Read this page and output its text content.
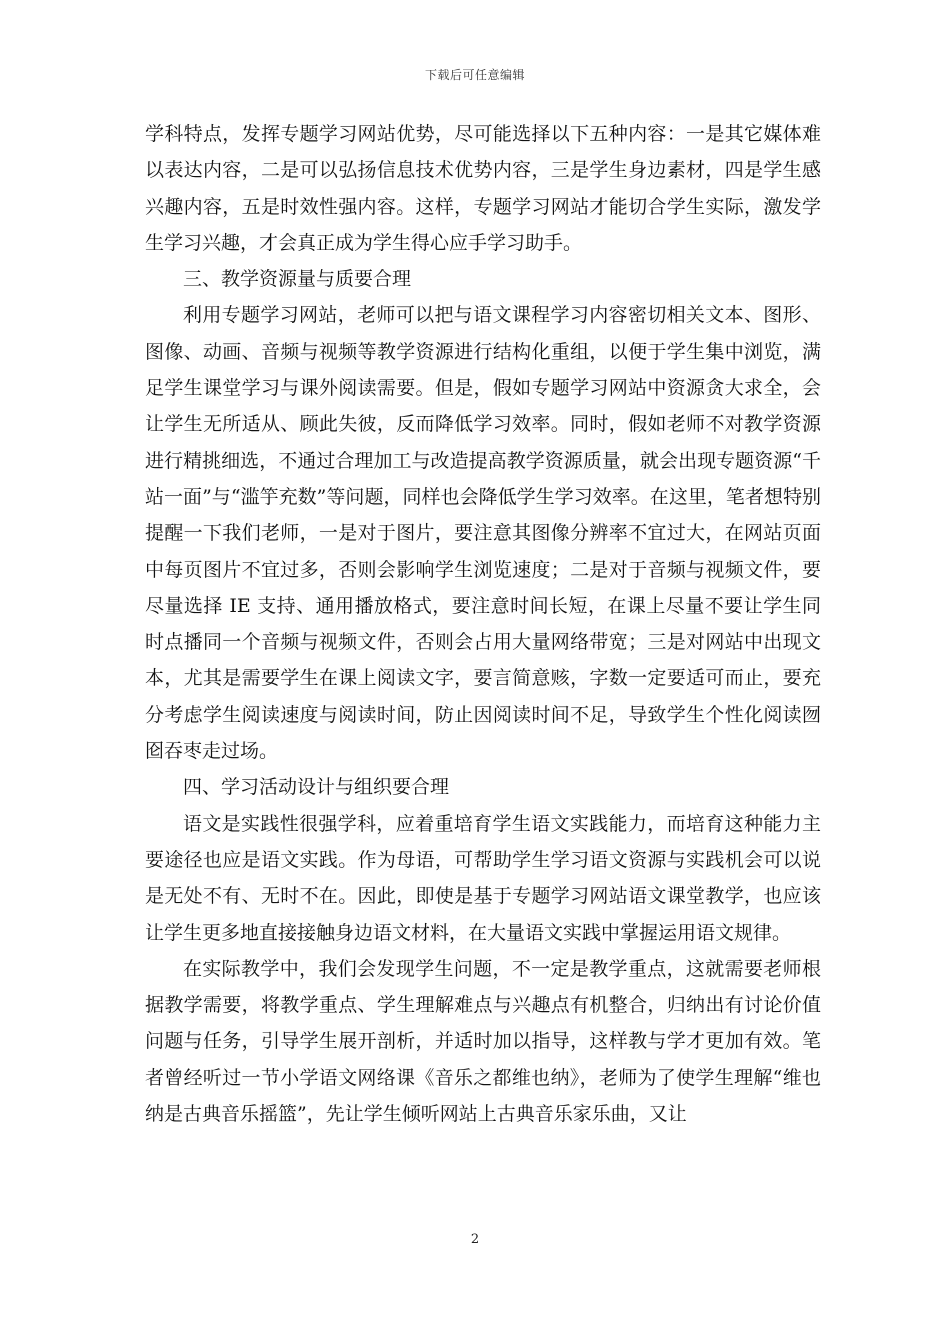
下载后可任意编辑

学科特点，发挥专题学习网站优势，尽可能选择以下五种内容：一是其它媒体难以表达内容，二是可以弘扬信息技术优势内容，三是学生身边素材，四是学生感兴趣内容，五是时效性强内容。这样，专题学习网站才能切合学生实际，激发学生学习兴趣，才会真正成为学生得心应手学习助手。

三、教学资源量与质要合理

利用专题学习网站，老师可以把与语文课程学习内容密切相关文本、图形、图像、动画、音频与视频等教学资源进行结构化重组，以便于学生集中浏览，满足学生课堂学习与课外阅读需要。但是，假如专题学习网站中资源贪大求全，会让学生无所适从、顾此失彼，反而降低学习效率。同时，假如老师不对教学资源进行精挑细选，不通过合理加工与改造提高教学资源质量，就会出现专题资源“千站一面”与“滥竽充数”等问题，同样也会降低学生学习效率。在这里，笔者想特别提醒一下我们老师，一是对于图片，要注意其图像分辨率不宜过大，在网站页面中每页图片不宜过多，否则会影响学生浏览速度；二是对于音频与视频文件，要尽量选择 IE 支持、通用播放格式，要注意时间长短，在课上尽量不要让学生同时点播同一个音频与视频文件，否则会占用大量网络带宽；三是对网站中出现文本，尤其是需要学生在课上阅读文字，要言简意赅，字数一定要适可而止，要充分考虑学生阅读速度与阅读时间，防止因阅读时间不足，导致学生个性化阅读囫囵吞枣走过场。

四、学习活动设计与组织要合理

语文是实践性很强学科，应着重培育学生语文实践能力，而培育这种能力主要途径也应是语文实践。作为母语，可帮助学生学习语文资源与实践机会可以说是无处不有、无时不在。因此，即使是基于专题学习网站语文课堂教学，也应该让学生更多地直接接触身边语文材料，在大量语文实践中掌握运用语文规律。

在实际教学中，我们会发现学生问题，不一定是教学重点，这就需要老师根据教学需要，将教学重点、学生理解难点与兴趣点有机整合，归纳出有讨论价值问题与任务，引导学生展开剖析，并适时加以指导，这样教与学才更加有效。笔者曾经听过一节小学语文网络课《音乐之都维也纳》，老师为了使学生理解“维也纳是古典音乐摇篮”，先让学生倾听网站上古典音乐家乐曲，又让

2
